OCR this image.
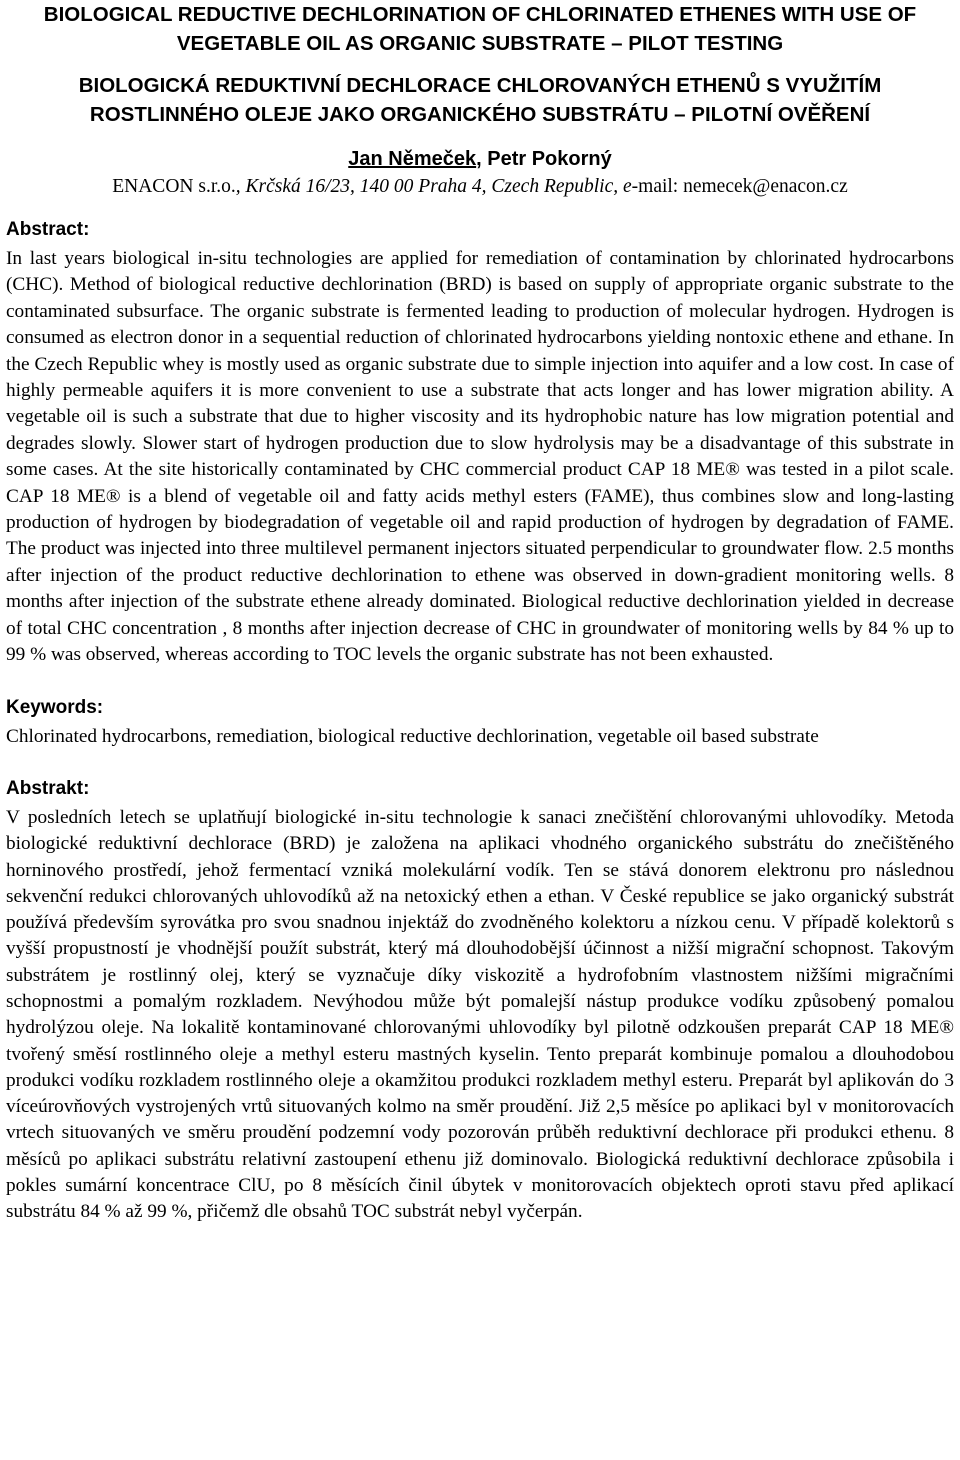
BIOLOGICAL REDUCTIVE DECHLORINATION OF CHLORINATED ETHENES WITH USE OF VEGETABLE OIL AS ORGANIC SUBSTRATE – PILOT TESTING
BIOLOGICKÁ REDUKTIVNÍ DECHLORACE CHLOROVANÝCH ETHENŮ S VYUŽITÍM ROSTLINNÉHO OLEJE JAKO ORGANICKÉHO SUBSTRÁTU – PILOTNÍ OVĚŘENÍ

Jan Němeček, Petr Pokorný

ENACON s.r.o., Krčská 16/23, 140 00 Praha 4, Czech Republic, e-mail: nemecek@enacon.cz

Abstract:

In last years biological in-situ technologies are applied for remediation of contamination by chlorinated hydrocarbons (CHC). Method of biological reductive dechlorination (BRD) is based on supply of appropriate organic substrate to the contaminated subsurface. The organic substrate is fermented leading to production of molecular hydrogen. Hydrogen is consumed as electron donor in a sequential reduction of chlorinated hydrocarbons yielding nontoxic ethene and ethane. In the Czech Republic whey is mostly used as organic substrate due to simple injection into aquifer and a low cost. In case of highly permeable aquifers it is more convenient to use a substrate that acts longer and has lower migration ability. A vegetable oil is such a substrate that due to higher viscosity and its hydrophobic nature has low migration potential and degrades slowly. Slower start of hydrogen production due to slow hydrolysis may be a disadvantage of this substrate in some cases. At the site historically contaminated by CHC commercial product CAP 18 ME® was tested in a pilot scale. CAP 18 ME® is a blend of vegetable oil and fatty acids methyl esters (FAME), thus combines slow and long-lasting production of hydrogen by biodegradation of vegetable oil and rapid production of hydrogen by degradation of FAME. The product was injected into three multilevel permanent injectors situated perpendicular to groundwater flow. 2.5 months after injection of the product reductive dechlorination to ethene was observed in down-gradient monitoring wells. 8 months after injection of the substrate ethene already dominated. Biological reductive dechlorination yielded in decrease of total CHC concentration , 8 months after injection decrease of CHC in groundwater of monitoring wells by 84 % up to 99 % was observed, whereas according to TOC levels the organic substrate has not been exhausted.

Keywords:

Chlorinated hydrocarbons, remediation, biological reductive dechlorination, vegetable oil based substrate

Abstrakt:

V posledních letech se uplatňují biologické in-situ technologie k sanaci znečištění chlorovanými uhlovodíky. Metoda biologické reduktivní dechlorace (BRD) je založena na aplikaci vhodného organického substrátu do znečištěného horninového prostředí, jehož fermentací vzniká molekulární vodík. Ten se stává donorem elektronu pro následnou sekvenční redukci chlorovaných uhlovodíků až na netoxický ethen a ethan. V České republice se jako organický substrát používá především syrovátka pro svou snadnou injektáž do zvodněného kolektoru a nízkou cenu. V případě kolektorů s vyšší propustností je vhodnější použít substrát, který má dlouhodobější účinnost a nižší migrační schopnost. Takovým substrátem je rostlinný olej, který se vyznačuje díky viskozitě a hydrofobním vlastnostem nižšími migračními schopnostmi a pomalým rozkladem. Nevýhodou může být pomalejší nástup produkce vodíku způsobený pomalou hydrolýzou oleje. Na lokalitě kontaminované chlorovanými uhlovodíky byl pilotně odzkoušen preparát CAP 18 ME® tvořený směsí rostlinného oleje a methyl esteru mastných kyselin. Tento preparát kombinuje pomalou a dlouhodobou produkci vodíku rozkladem rostlinného oleje a okamžitou produkci rozkladem methyl esteru. Preparát byl aplikován do 3 víceúrovňových vystrojených vrtů situovaných kolmo na směr proudění. Již 2,5 měsíce po aplikaci byl v monitorovacích vrtech situovaných ve směru proudění podzemní vody pozorován průběh reduktivní dechlorace při produkci ethenu. 8 měsíců po aplikaci substrátu relativní zastoupení ethenu již dominovalo. Biologická reduktivní dechlorace způsobila i pokles sumární koncentrace ClU, po 8 měsících činil úbytek v monitorovacích objektech oproti stavu před aplikací substrátu 84 % až 99 %, přičemž dle obsahů TOC substrát nebyl vyčerpán.
